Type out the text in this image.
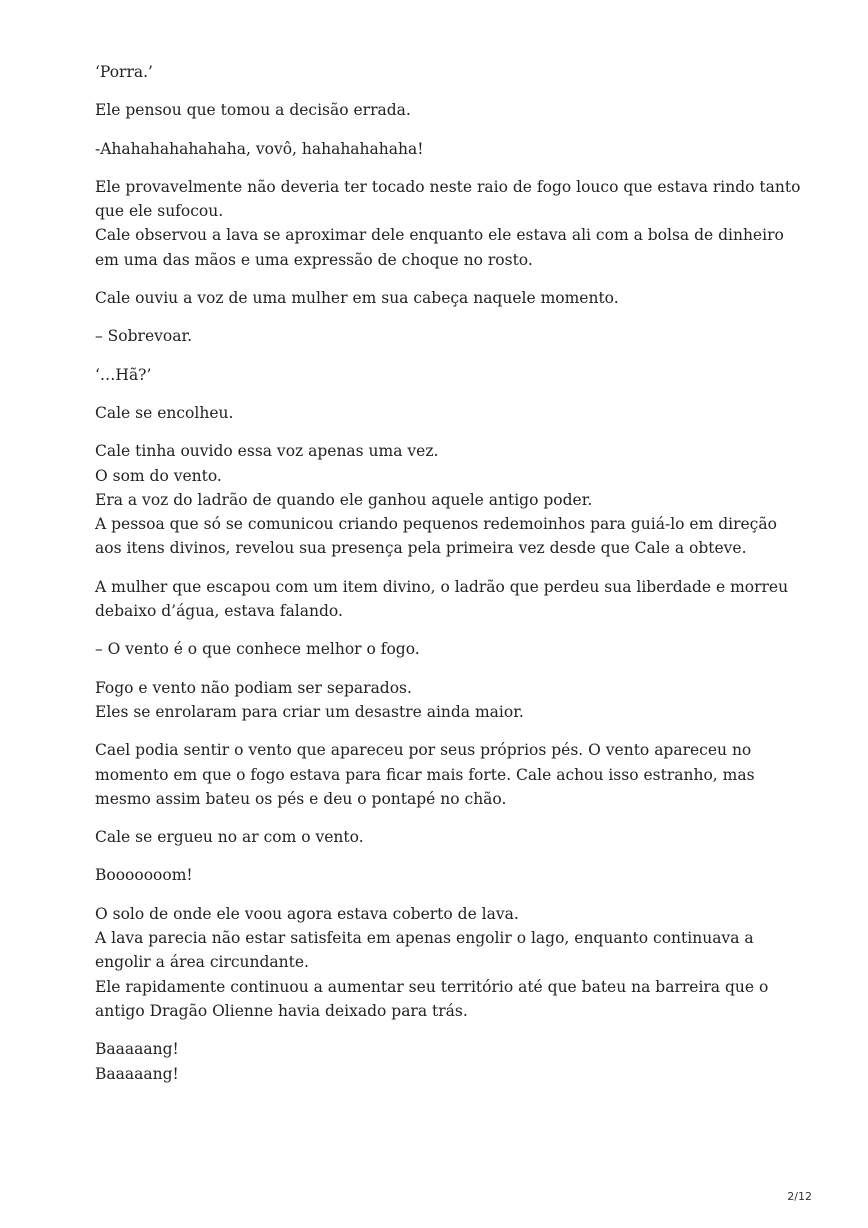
‘Porra.’

Ele pensou que tomou a decisão errada.

-Ahahahahahahaha, vovô, hahahahahaha!

Ele provavelmente não deveria ter tocado neste raio de fogo louco que estava rindo tanto
que ele sufocou.
Cale observou a lava se aproximar dele enquanto ele estava ali com a bolsa de dinheiro
em uma das mãos e uma expressão de choque no rosto.

Cale ouviu a voz de uma mulher em sua cabeça naquele momento.

– Sobrevoar.

‘…Hã?’

Cale se encolheu.

Cale tinha ouvido essa voz apenas uma vez.
O som do vento.
Era a voz do ladrão de quando ele ganhou aquele antigo poder.
A pessoa que só se comunicou criando pequenos redemoinhos para guiá-lo em direção
aos itens divinos, revelou sua presença pela primeira vez desde que Cale a obteve.

A mulher que escapou com um item divino, o ladrão que perdeu sua liberdade e morreu
debaixo d’água, estava falando.

– O vento é o que conhece melhor o fogo.

Fogo e vento não podiam ser separados.
Eles se enrolaram para criar um desastre ainda maior.

Cael podia sentir o vento que apareceu por seus próprios pés. O vento apareceu no
momento em que o fogo estava para ficar mais forte. Cale achou isso estranho, mas
mesmo assim bateu os pés e deu o pontapé no chão.

Cale se ergueu no ar com o vento.

Booooooom!

O solo de onde ele voou agora estava coberto de lava.
A lava parecia não estar satisfeita em apenas engolir o lago, enquanto continuava a
engolir a área circundante.
Ele rapidamente continuou a aumentar seu território até que bateu na barreira que o
antigo Dragão Olienne havia deixado para trás.

Baaaaang!
Baaaaang!

2/12
